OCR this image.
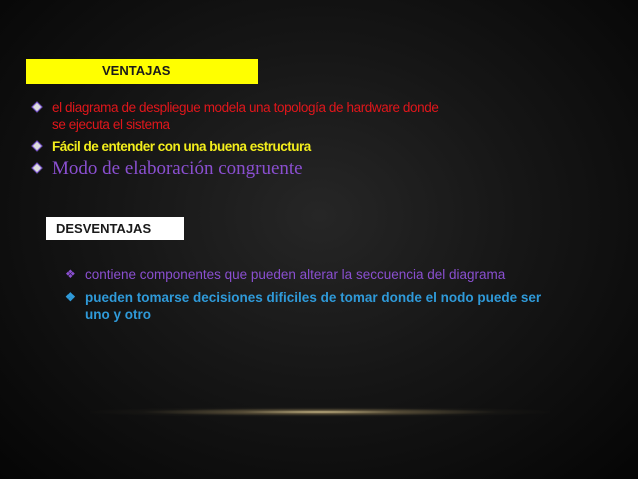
VENTAJAS
el diagrama de despliegue modela una topología de hardware donde se ejecuta el sistema
Fácil de entender con una buena estructura
Modo de elaboración congruente
DESVENTAJAS
❖ contiene componentes que pueden alterar la seccuencia del diagrama
❖ pueden tomarse decisiones dificiles de tomar donde el nodo puede ser uno y otro
